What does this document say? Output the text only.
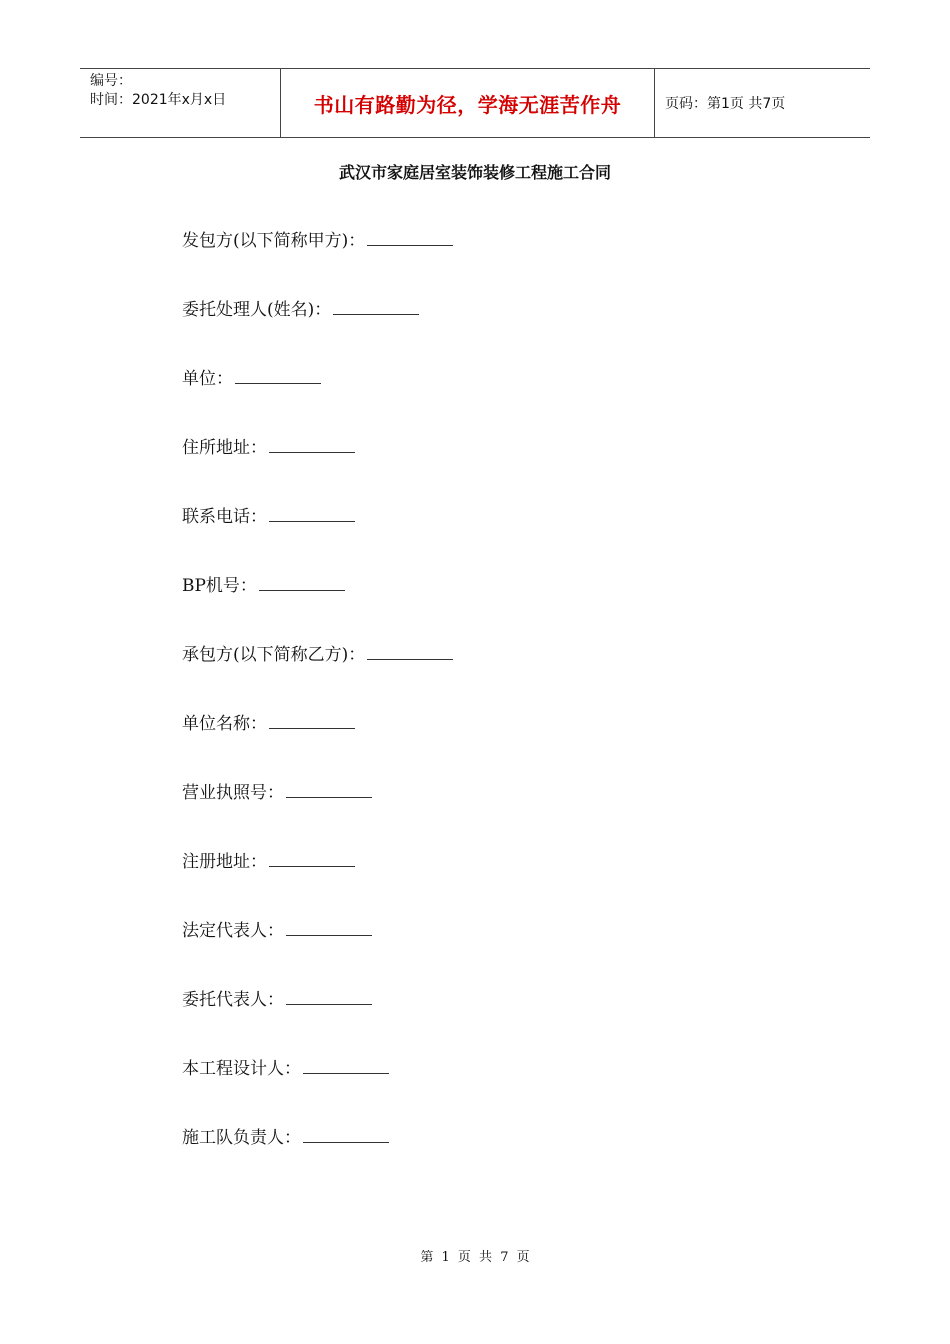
编号：
时间：2021年x月x日	书山有路勤为径，学海无涯苦作舟	页码：第1页 共7页
武汉市家庭居室装饰装修工程施工合同
发包方(以下简称甲方)：
委托处理人(姓名)：
单位：
住所地址：
联系电话：
BP机号：
承包方(以下简称乙方)：
单位名称：
营业执照号：
注册地址：
法定代表人：
委托代表人：
本工程设计人：
施工队负责人：
第 1 页 共 7 页
